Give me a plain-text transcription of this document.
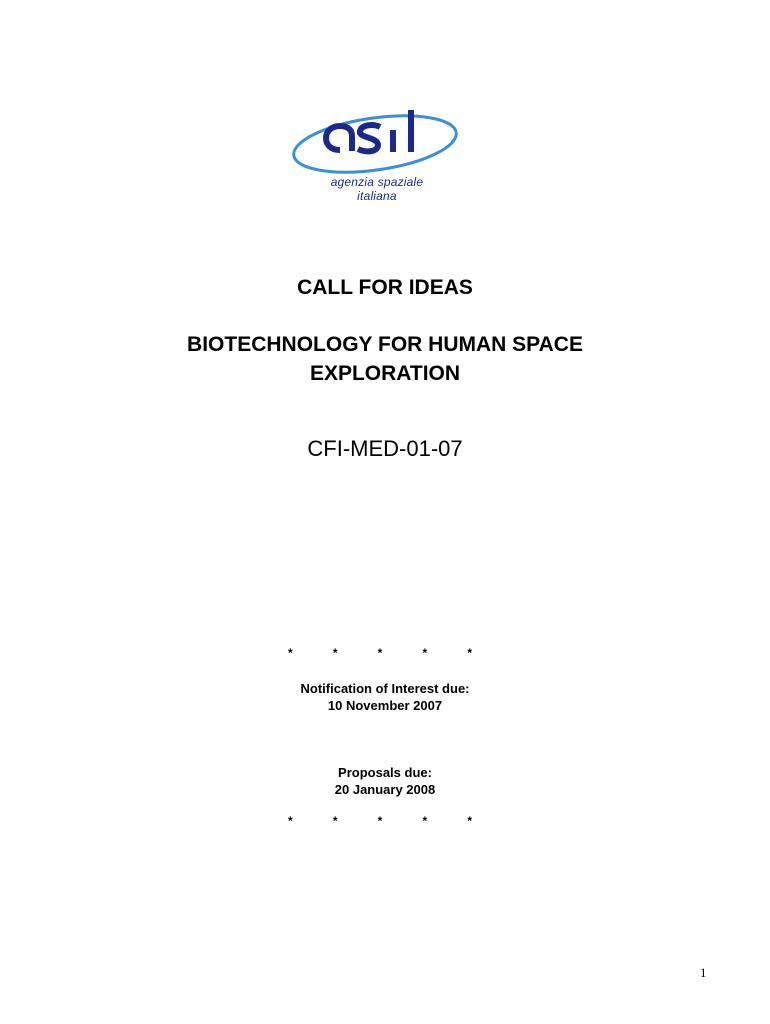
agenzia spaziale
italiana
CALL FOR IDEAS
BIOTECHNOLOGY FOR HUMAN SPACE
EXPLORATION
CFI-MED-01-07
*	*	*	*	*
Notification of Interest due:
10 November 2007
Proposals due:
20 January 2008
*	*	*	*	*
1
